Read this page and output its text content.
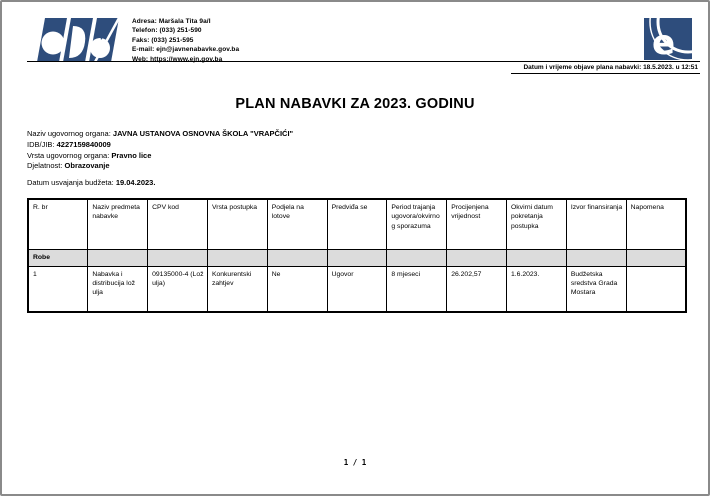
Adresa: Maršala Tita 9a/I
Telefon: (033) 251-590
Faks: (033) 251-595
E-mail: ejn@javnenabavke.gov.ba
Web: https://www.ejn.gov.ba	e
Datum i vrijeme objave plana nabavki: 18.5.2023. u 12:51
PLAN NABAVKI ZA 2023. GODINU
Naziv ugovornog organa: JAVNA USTANOVA OSNOVNA ŠKOLA "VRAPČIĆI"
IDB/JIB: 4227159840009
Vrsta ugovornog organa: Pravno lice
Djelatnost: Obrazovanje
Datum usvajanja budžeta: 19.04.2023.
R. br	Naziv predmeta nabavke	CPV kod	Vrsta postupka	Podjela na lotove	Predviđa se	Period trajanja ugovora/okvirnog sporazuma	Procijenjena vrijednost	Okvirni datum pokretanja postupka	Izvor finansiranja	Napomena
Robe										
1	Nabavka i distribucija lož ulja	09135000-4 (Lož ulja)	Konkurentski zahtjev	Ne	Ugovor	8 mjeseci	26.202,57	1.6.2023.	Budžetska sredstva Grada Mostara	
1 / 1
